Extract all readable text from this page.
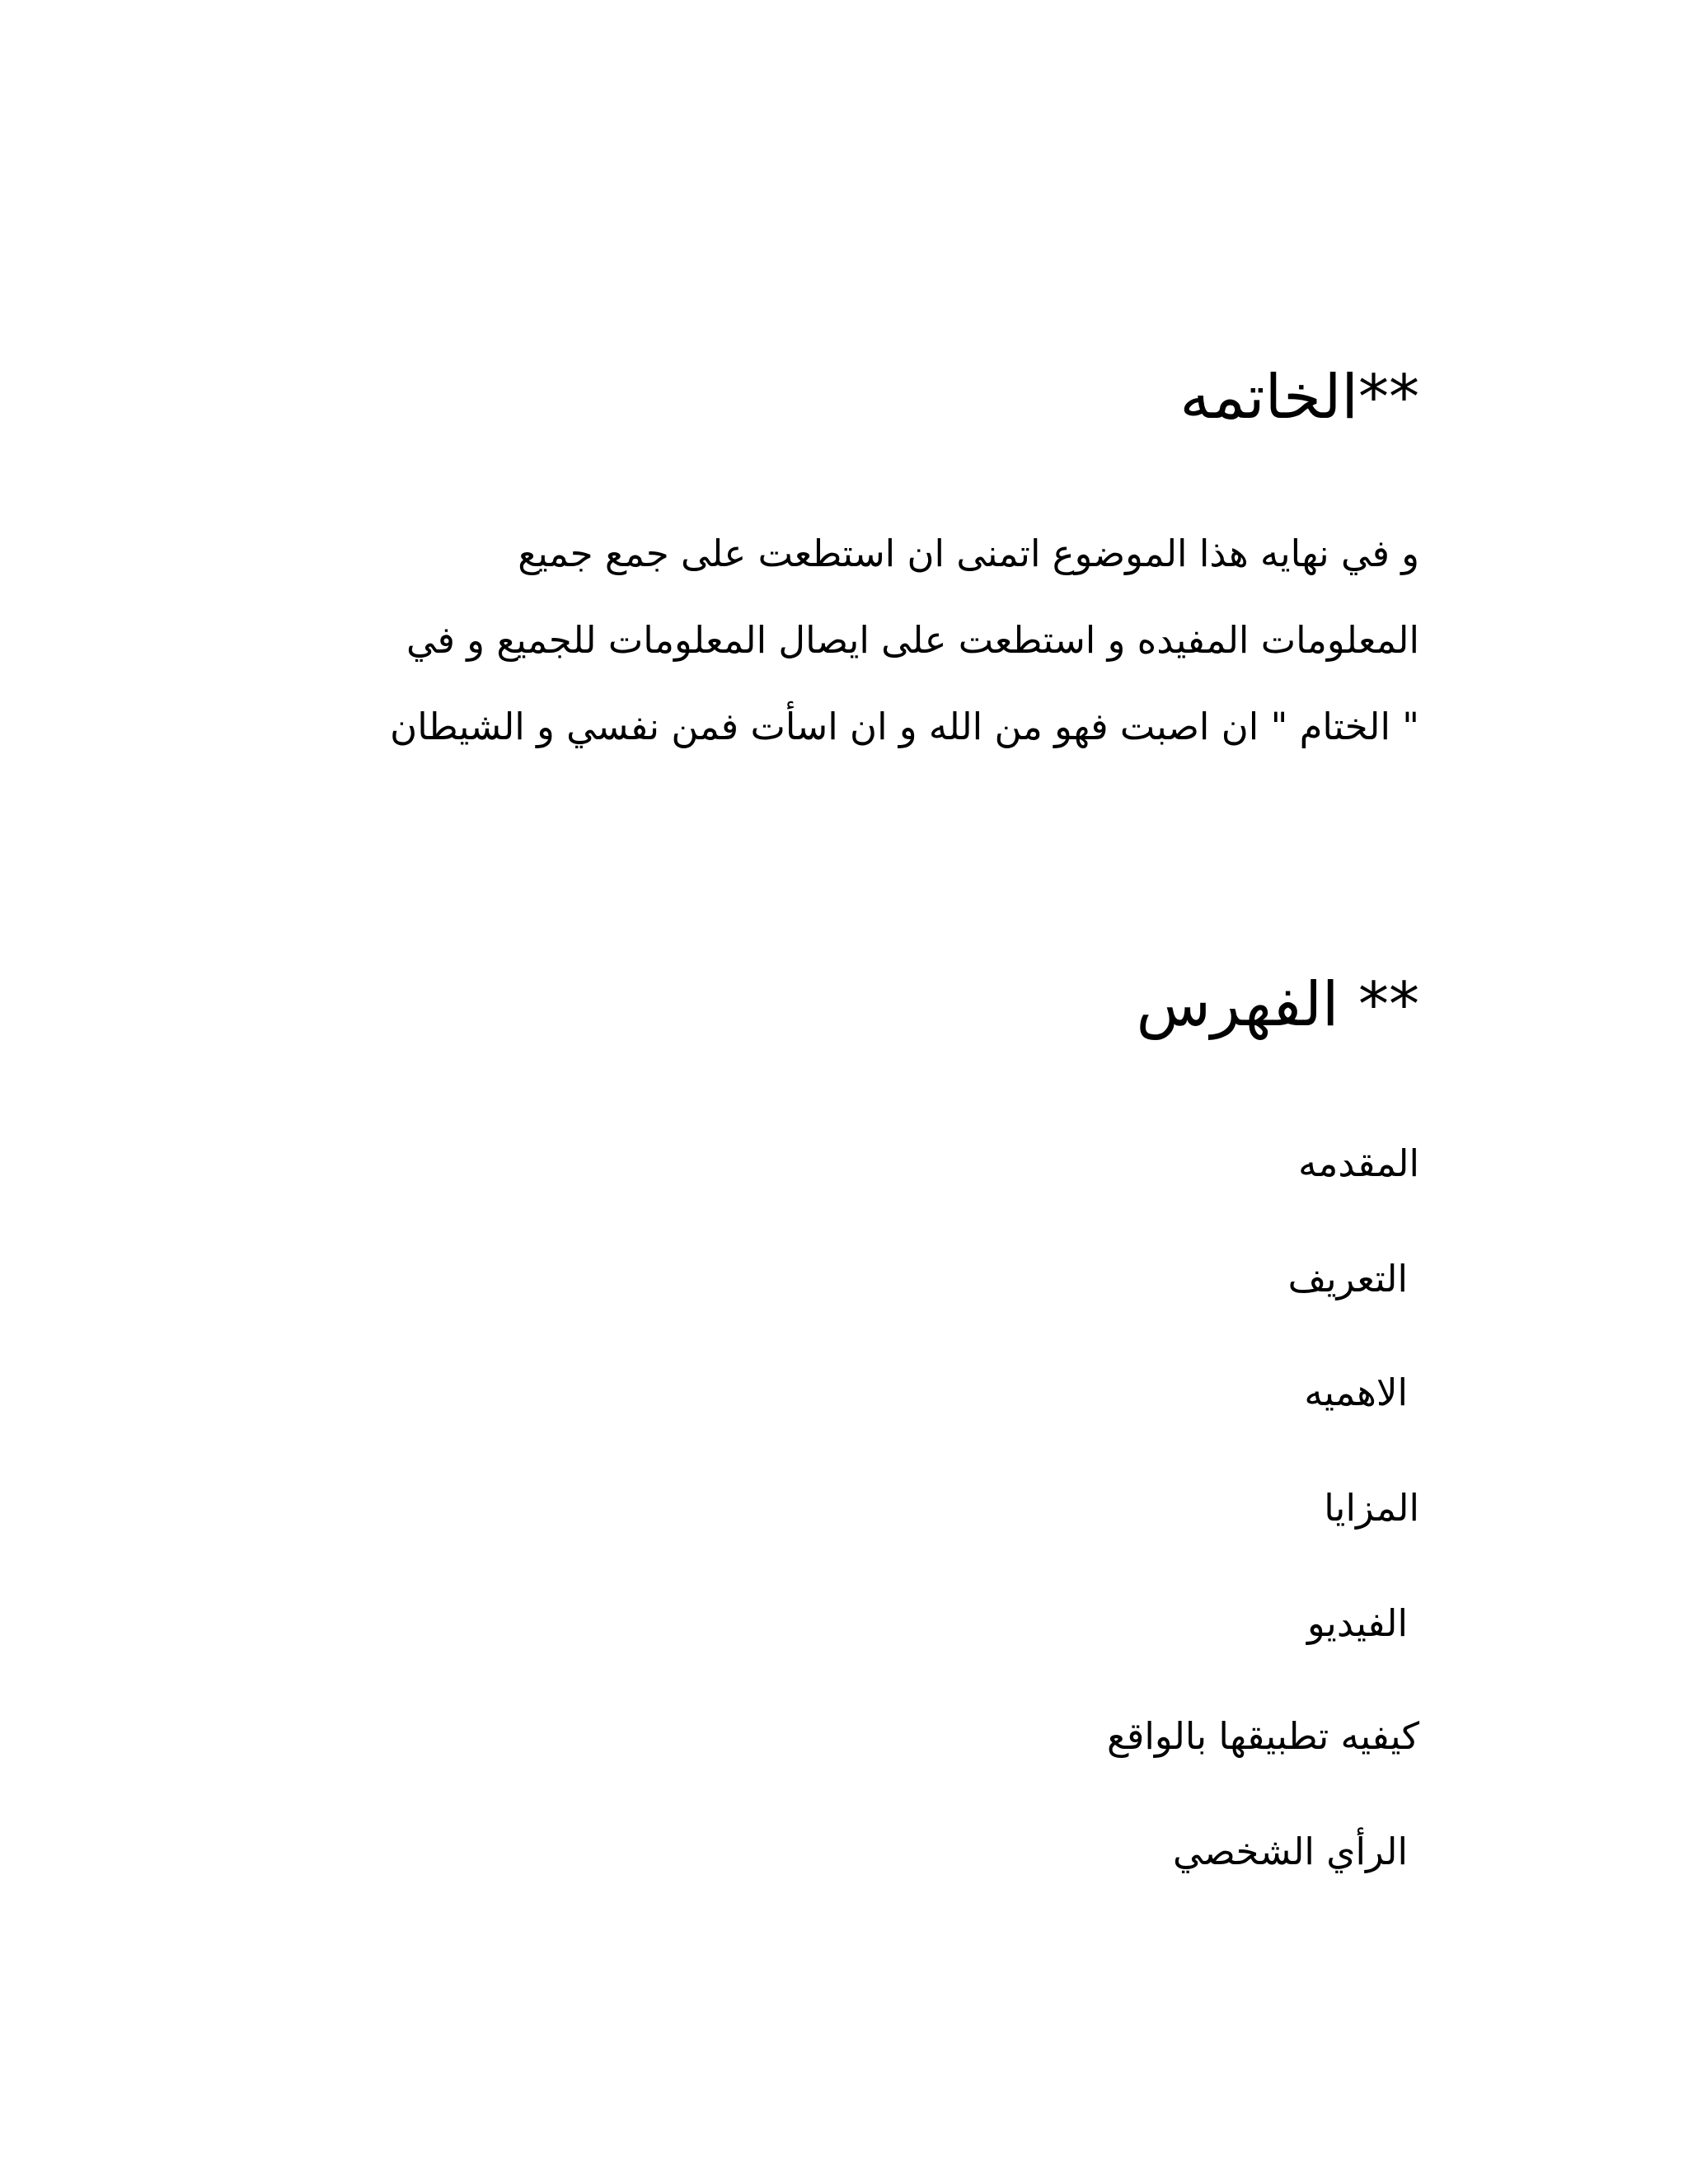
**الخاتمه
و في نهايه هذا الموضوع اتمنى ان استطعت على جمع جميع
المعلومات المفيده و استطعت على ايصال المعلومات للجميع و في
" الختام " ان اصبت فهو من الله و ان اسأت فمن نفسي و الشيطان
** الفهرس
المقدمه
التعريف
الاهميه
المزايا
الفيديو
كيفيه تطبيقها بالواقع
الرأي الشخصي
